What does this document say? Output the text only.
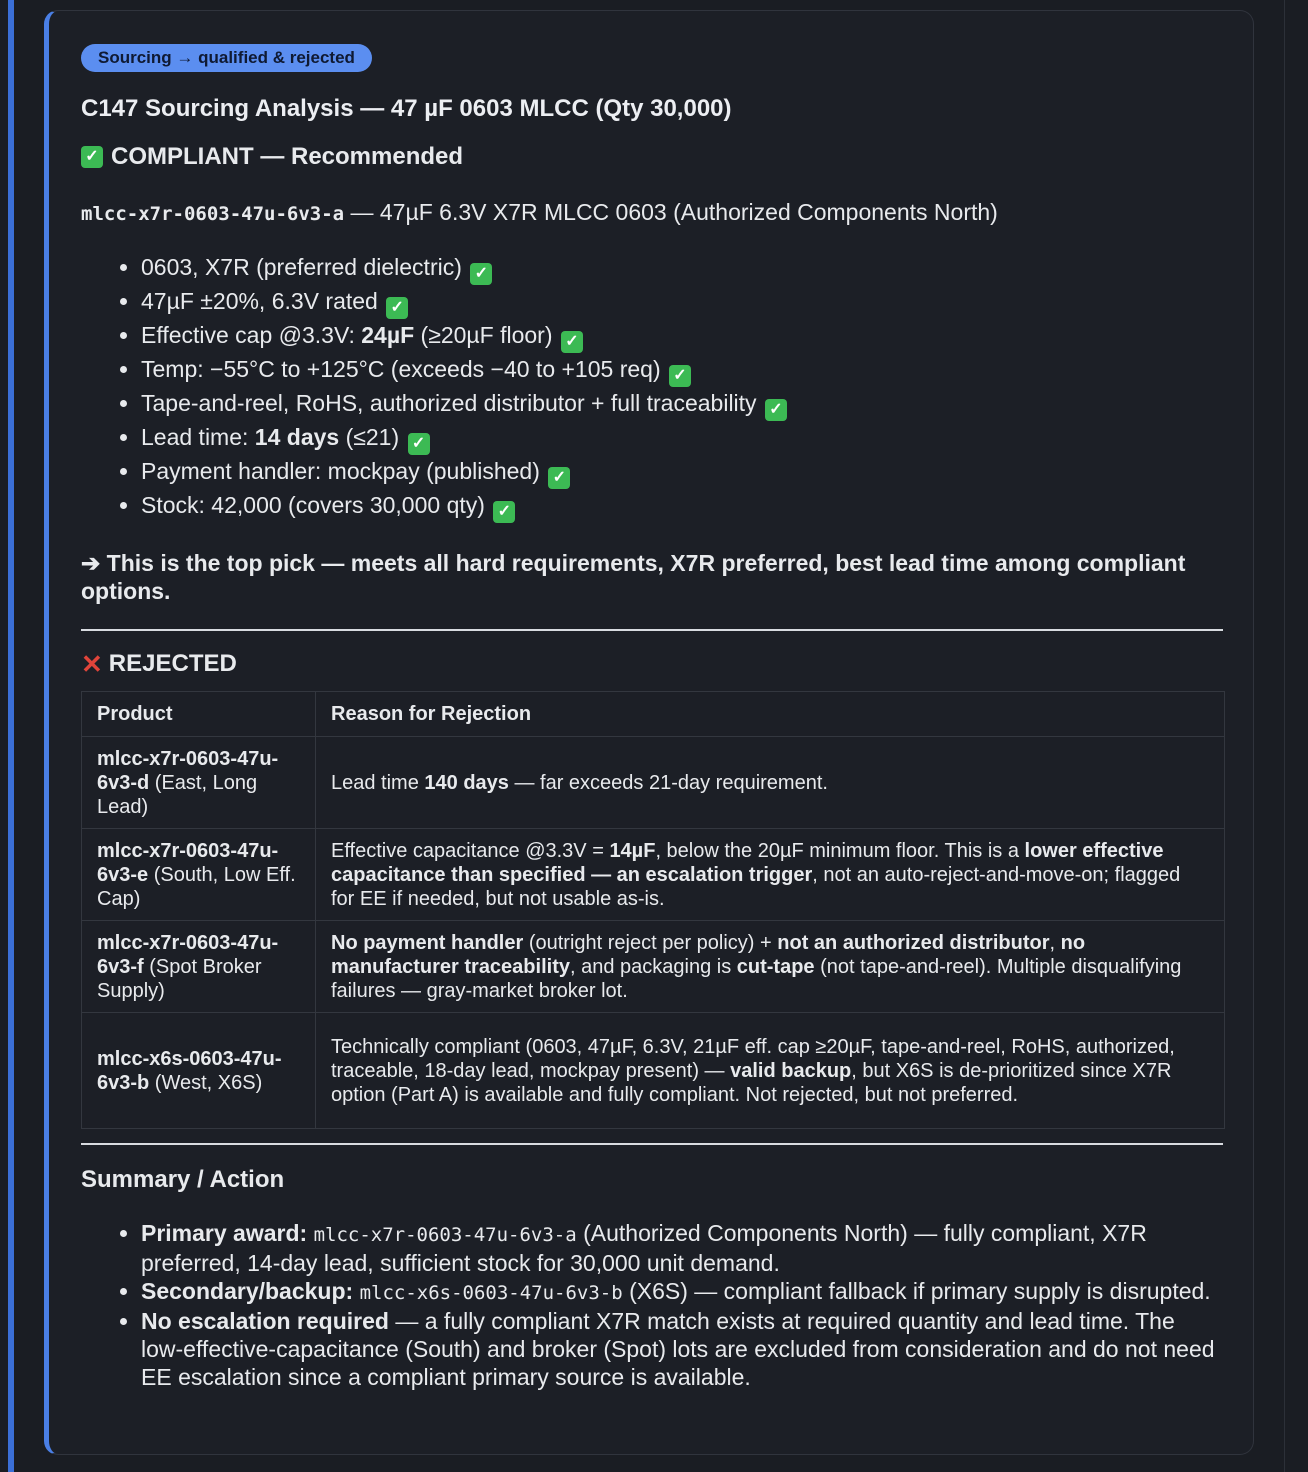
Sourcing → qualified & rejected
C147 Sourcing Analysis — 47 µF 0603 MLCC (Qty 30,000)
✓ COMPLIANT — Recommended
mlcc-x7r-0603-47u-6v3-a — 47µF 6.3V X7R MLCC 0603 (Authorized Components North)
• 0603, X7R (preferred dielectric) ✓
• 47µF ±20%, 6.3V rated ✓
• Effective cap @3.3V: 24µF (≥20µF floor) ✓
• Temp: −55°C to +125°C (exceeds −40 to +105 req) ✓
• Tape-and-reel, RoHS, authorized distributor + full traceability ✓
• Lead time: 14 days (≤21) ✓
• Payment handler: mockpay (published) ✓
• Stock: 42,000 (covers 30,000 qty) ✓

➔ This is the top pick — meets all hard requirements, X7R preferred, best lead time among compliant options.

✕ REJECTED
Product	Reason for Rejection
mlcc-x7r-0603-47u-6v3-d (East, Long Lead)	Lead time 140 days — far exceeds 21-day requirement.
mlcc-x7r-0603-47u-6v3-e (South, Low Eff. Cap)	Effective capacitance @3.3V = 14µF, below the 20µF minimum floor. This is a lower effective capacitance than specified — an escalation trigger, not an auto-reject-and-move-on; flagged for EE if needed, but not usable as-is.
mlcc-x7r-0603-47u-6v3-f (Spot Broker Supply)	No payment handler (outright reject per policy) + not an authorized distributor, no manufacturer traceability, and packaging is cut-tape (not tape-and-reel). Multiple disqualifying failures — gray-market broker lot.
mlcc-x6s-0603-47u-6v3-b (West, X6S)	Technically compliant (0603, 47µF, 6.3V, 21µF eff. cap ≥20µF, tape-and-reel, RoHS, authorized, traceable, 18-day lead, mockpay present) — valid backup, but X6S is de-prioritized since X7R option (Part A) is available and fully compliant. Not rejected, but not preferred.
Summary / Action
• Primary award: mlcc-x7r-0603-47u-6v3-a (Authorized Components North) — fully compliant, X7R preferred, 14-day lead, sufficient stock for 30,000 unit demand.
• Secondary/backup: mlcc-x6s-0603-47u-6v3-b (X6S) — compliant fallback if primary supply is disrupted.
• No escalation required — a fully compliant X7R match exists at required quantity and lead time. The low-effective-capacitance (South) and broker (Spot) lots are excluded from consideration and do not need EE escalation since a compliant primary source is available.
